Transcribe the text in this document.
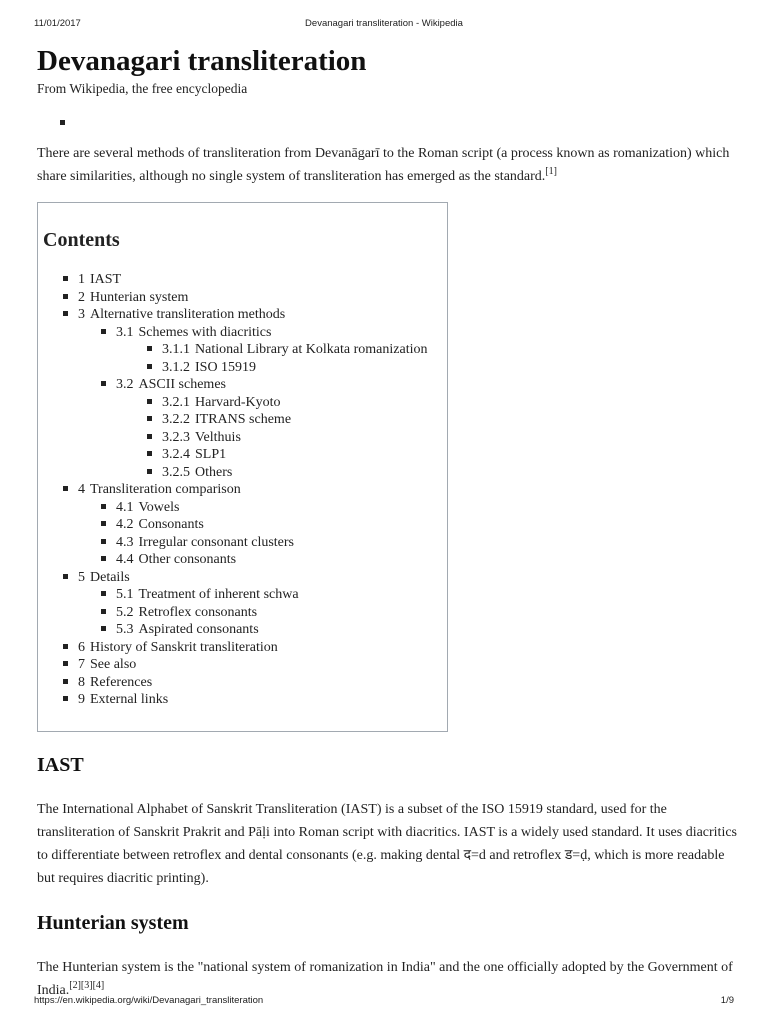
11/01/2017	Devanagari transliteration - Wikipedia
Devanagari transliteration

From Wikipedia, the free encyclopedia

There are several methods of transliteration from Devanāgarī to the Roman script (a process known as romanization) which share similarities, although no single system of transliteration has emerged as the standard.[1]

Contents
1 IAST
2 Hunterian system
3 Alternative transliteration methods
3.1 Schemes with diacritics
3.1.1 National Library at Kolkata romanization
3.1.2 ISO 15919
3.2 ASCII schemes
3.2.1 Harvard-Kyoto
3.2.2 ITRANS scheme
3.2.3 Velthuis
3.2.4 SLP1
3.2.5 Others
4 Transliteration comparison
4.1 Vowels
4.2 Consonants
4.3 Irregular consonant clusters
4.4 Other consonants
5 Details
5.1 Treatment of inherent schwa
5.2 Retroflex consonants
5.3 Aspirated consonants
6 History of Sanskrit transliteration
7 See also
8 References
9 External links
IAST

The International Alphabet of Sanskrit Transliteration (IAST) is a subset of the ISO 15919 standard, used for the transliteration of Sanskrit Prakrit and Pāḷi into Roman script with diacritics. IAST is a widely used standard. It uses diacritics to differentiate between retroflex and dental consonants (e.g. making dental द=d and retroflex ड=ḍ, which is more readable but requires diacritic printing).

Hunterian system

The Hunterian system is the "national system of romanization in India" and the one officially adopted by the Government of India.[2][3][4]

https://en.wikipedia.org/wiki/Devanagari_transliteration	1/9
